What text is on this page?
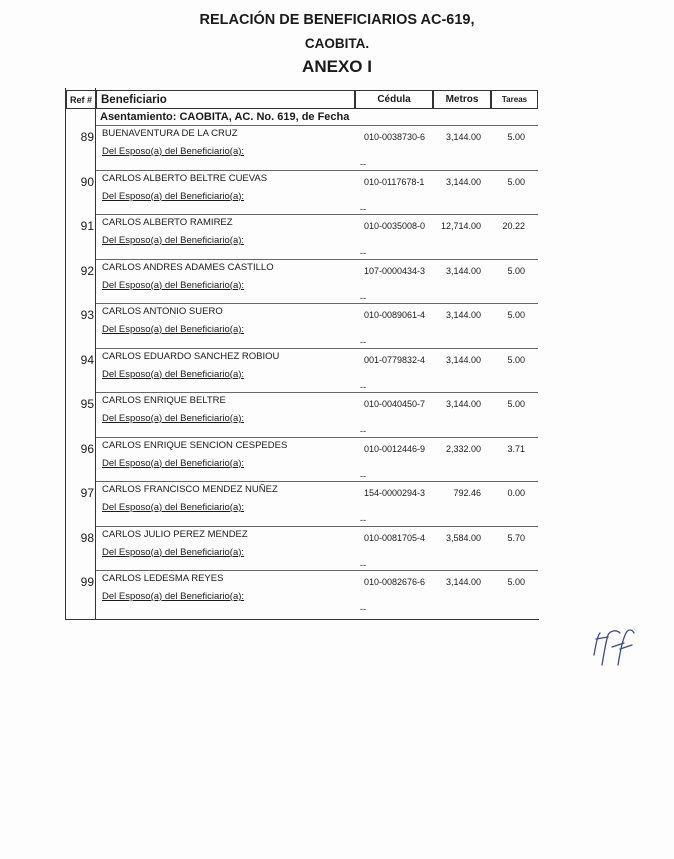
RELACIÓN DE BENEFICIARIOS AC-619,
CAOBITA.
ANEXO I
Ref # Beneficiario	Cédula	Metros	Tareas
Asentamiento: CAOBITA, AC. No. 619, de Fecha
89 BUENAVENTURA DE LA CRUZ
Del Esposo(a) del Beneficiario(a):
--
010-0038730-6	3,144.00	5.00
90 CARLOS ALBERTO BELTRE CUEVAS
Del Esposo(a) del Beneficiario(a):
--
010-0117678-1	3,144.00	5.00
91 CARLOS ALBERTO RAMIREZ
Del Esposo(a) del Beneficiario(a):
--
010-0035008-0 12,714.00	20.22
92 CARLOS ANDRES ADAMES CASTILLO
Del Esposo(a) del Beneficiario(a):
--
107-0000434-3	3,144.00	5.00
93 CARLOS ANTONIO SUERO
Del Esposo(a) del Beneficiario(a):
--
010-0089061-4	3,144.00	5.00
94 CARLOS EDUARDO SANCHEZ ROBIOU
Del Esposo(a) del Beneficiario(a):
--
001-0779832-4	3,144.00	5.00
95 CARLOS ENRIQUE BELTRE
Del Esposo(a) del Beneficiario(a):
--
010-0040450-7	3,144.00	5.00
96 CARLOS ENRIQUE SENCION CESPEDES
Del Esposo(a) del Beneficiario(a):
--
010-0012446-9	2,332.00	3.71
97 CARLOS FRANCISCO MENDEZ NUÑEZ
Del Esposo(a) del Beneficiario(a):
--
154-0000294-3	792.46	0.00
98 CARLOS JULIO PEREZ MENDEZ
Del Esposo(a) del Beneficiario(a):
--
010-0081705-4	3,584.00	5.70
99 CARLOS LEDESMA REYES
Del Esposo(a) del Beneficiario(a):
--
010-0082676-6	3,144.00	5.00
